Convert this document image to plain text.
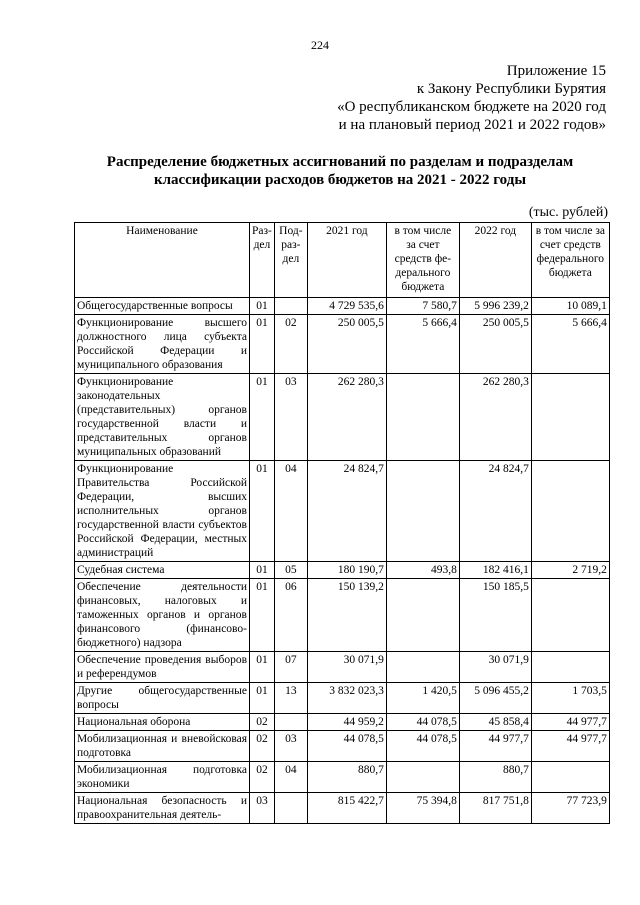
224
Приложение 15
к Закону Республики Бурятия
«О республиканском бюджете на 2020 год
и на плановый период 2021 и 2022 годов»
Распределение бюджетных ассигнований по разделам и подразделам
классификации расходов бюджетов на 2021 - 2022 годы
(тыс. рублей)
Наименование	Раз-дел	Под-раз-дел	2021 год	в том числе за счет средств фе-дерального бюджета	2022 год	в том числе за счет средств федерального бюджета
Общегосударственные вопросы	01		4 729 535,6	7 580,7	5 996 239,2	10 089,1
Функционирование высшего должностного лица субъекта Российской Федерации и муниципального образования	01	02	250 005,5	5 666,4	250 005,5	5 666,4
Функционирование законодательных (представительных) органов государственной власти и представительных органов муниципальных образований	01	03	262 280,3		262 280,3	
Функционирование Правительства Российской Федерации, высших исполнительных органов государственной власти субъектов Российской Федерации, местных администраций	01	04	24 824,7		24 824,7	
Судебная система	01	05	180 190,7	493,8	182 416,1	2 719,2
Обеспечение деятельности финансовых, налоговых и таможенных органов и органов финансового (финансово-бюджетного) надзора	01	06	150 139,2		150 185,5	
Обеспечение проведения выборов и референдумов	01	07	30 071,9		30 071,9	
Другие общегосударственные вопросы	01	13	3 832 023,3	1 420,5	5 096 455,2	1 703,5
Национальная оборона	02		44 959,2	44 078,5	45 858,4	44 977,7
Мобилизационная и вневойсковая подготовка	02	03	44 078,5	44 078,5	44 977,7	44 977,7
Мобилизационная подготовка экономики	02	04	880,7		880,7	
Национальная безопасность и правоохранительная деятель-	03		815 422,7	75 394,8	817 751,8	77 723,9
